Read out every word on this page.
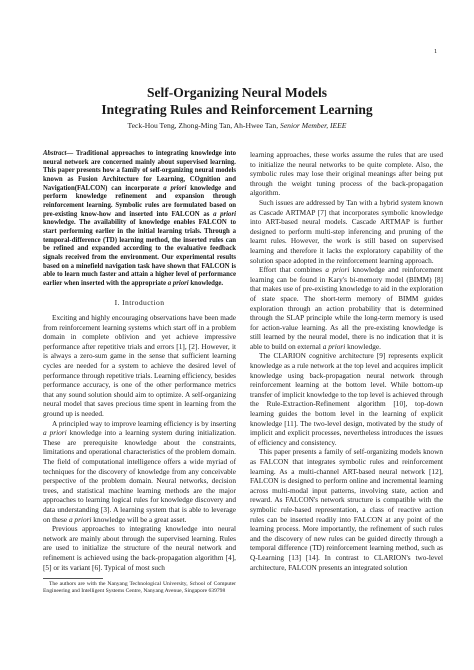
1
Self-Organizing Neural Models
Integrating Rules and Reinforcement Learning
Teck-Hou Teng, Zhong-Ming Tan, Ah-Hwee Tan, Senior Member, IEEE
Abstract— Traditional approaches to integrating knowledge into neural network are concerned mainly about supervised learning. This paper presents how a family of self-organizing neural models known as Fusion Architecture for Learning, COgnition and Navigation(FALCON) can incorporate a priori knowledge and perform knowledge refinement and expansion through reinforcement learning. Symbolic rules are formulated based on pre-existing know-how and inserted into FALCON as a priori knowledge. The availability of knowledge enables FALCON to start performing earlier in the initial learning trials. Through a temporal-difference (TD) learning method, the inserted rules can be refined and expanded according to the evaluative feedback signals received from the environment. Our experimental results based on a minefield navigation task have shown that FALCON is able to learn much faster and attain a higher level of performance earlier when inserted with the appropriate a priori knowledge.
I. Introduction

Exciting and highly encouraging observations have been made from reinforcement learning systems which start off in a problem domain in complete oblivion and yet achieve impressive performance after repetitive trials and errors [1], [2]. However, it is always a zero-sum game in the sense that sufficient learning cycles are needed for a system to achieve the desired level of performance through repetitive trials. Learning efficiency, besides performance accuracy, is one of the other performance metrics that any sound solution should aim to optimize. A self-organizing neural model that saves precious time spent in learning from the ground up is needed.

A principled way to improve learning efficiency is by inserting a priori knowledge into a learning system during initialization. These are prerequisite knowledge about the constraints, limitations and operational characteristics of the problem domain. The field of computational intelligence offers a wide myriad of techniques for the discovery of knowledge from any conceivable perspective of the problem domain. Neural networks, decision trees, and statistical machine learning methods are the major approaches to learning logical rules for knowledge discovery and data understanding [3]. A learning system that is able to leverage on these a priori knowledge will be a great asset.

Previous approaches to integrating knowledge into neural network are mainly about through the supervised learning. Rules are used to initialize the structure of the neural network and refinement is achieved using the back-propagation algorithm [4], [5] or its variant [6]. Typical of most such

The authors are with the Nanyang Technological University, School of Computer Engineering and Intelligent Systems Centre, Nanyang Avenue, Singapore 639798

learning approaches, these works assume the rules that are used to initialize the neural networks to be quite complete. Also, the symbolic rules may lose their original meanings after being put through the weight tuning process of the back-propagation algorithm.

Such issues are addressed by Tan with a hybrid system known as Cascade ARTMAP [7] that incorporates symbolic knowledge into ART-based neural models. Cascade ARTMAP is further designed to perform multi-step inferencing and pruning of the learnt rules. However, the work is still based on supervised learning and therefore it lacks the exploratory capability of the solution space adopted in the reinforcement learning approach.

Effort that combines a priori knowledge and reinforcement learning can be found in Kary's bi-memory model (BIMM) [8] that makes use of pre-existing knowledge to aid in the exploration of state space. The short-term memory of BIMM guides exploration through an action probability that is determined through the SLAP principle while the long-term memory is used for action-value learning. As all the pre-existing knowledge is still learned by the neural model, there is no indication that it is able to build on external a priori knowledge.

The CLARION cognitive architecture [9] represents explicit knowledge as a rule network at the top level and acquires implicit knowledge using back-propagation neural network through reinforcement learning at the bottom level. While bottom-up transfer of implicit knowledge to the top level is achieved through the Rule-Extraction-Refinement algorithm [10], top-down learning guides the bottom level in the learning of explicit knowledge [11]. The two-level design, motivated by the study of implicit and explicit processes, nevertheless introduces the issues of efficiency and consistency.

This paper presents a family of self-organizing models known as FALCON that integrates symbolic rules and reinforcement learning. As a multi-channel ART-based neural network [12], FALCON is designed to perform online and incremental learning across multi-modal input patterns, involving state, action and reward. As FALCON's network structure is compatible with the symbolic rule-based representation, a class of reactive action rules can be inserted readily into FALCON at any point of the learning process. More importantly, the refinement of such rules and the discovery of new rules can be guided directly through a temporal difference (TD) reinforcement learning method, such as Q-Learning [13] [14]. In contrast to CLARION's two-level architecture, FALCON presents an integrated solution
